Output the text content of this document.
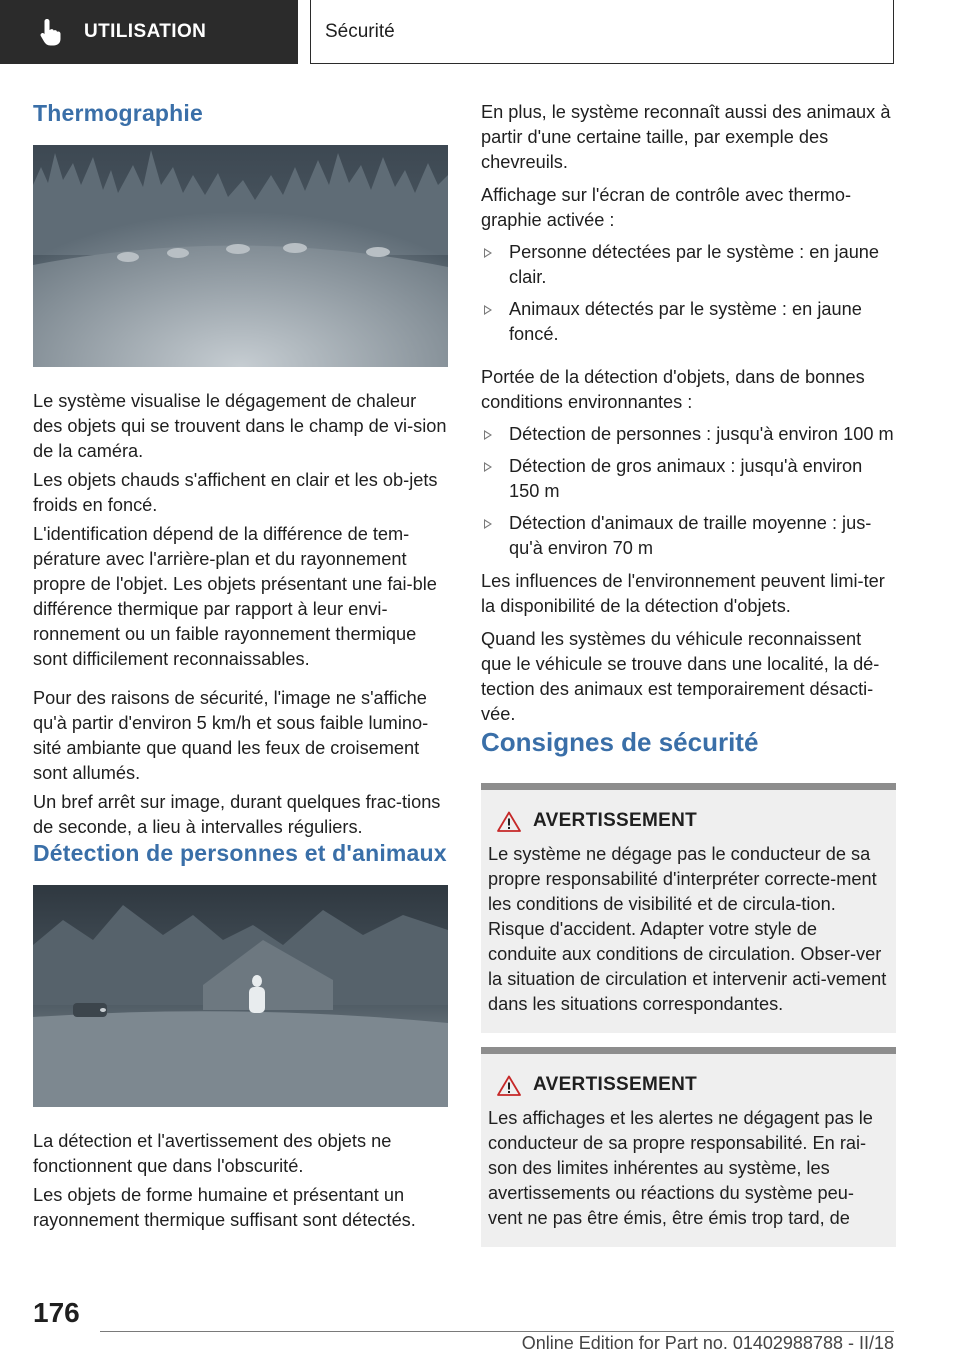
UTILISATION	Sécurité
Thermographie

Le système visualise le dégagement de chaleur des objets qui se trouvent dans le champ de vi-sion de la caméra.

Les objets chauds s'affichent en clair et les ob-jets froids en foncé.

L'identification dépend de la différence de tem-pérature avec l'arrière-plan et du rayonnement propre de l'objet. Les objets présentant une fai-ble différence thermique par rapport à leur envi-ronnement ou un faible rayonnement thermique sont difficilement reconnaissables.

Pour des raisons de sécurité, l'image ne s'affiche qu'à partir d'environ 5 km/h et sous faible lumino-sité ambiante que quand les feux de croisement sont allumés.

Un bref arrêt sur image, durant quelques frac-tions de seconde, a lieu à intervalles réguliers.

Détection de personnes et d'animaux

La détection et l'avertissement des objets ne fonctionnent que dans l'obscurité.

Les objets de forme humaine et présentant un rayonnement thermique suffisant sont détectés.

En plus, le système reconnaît aussi des animaux à partir d'une certaine taille, par exemple des chevreuils.

Affichage sur l'écran de contrôle avec thermo-graphie activée :

Personne détectées par le système : en jaune clair.
Animaux détectés par le système : en jaune foncé.

Portée de la détection d'objets, dans de bonnes conditions environnantes :

Détection de personnes : jusqu'à environ 100 m
Détection de gros animaux : jusqu'à environ 150 m
Détection d'animaux de traille moyenne : jus-qu'à environ 70 m

Les influences de l'environnement peuvent limi-ter la disponibilité de la détection d'objets.

Quand les systèmes du véhicule reconnaissent que le véhicule se trouve dans une localité, la dé-tection des animaux est temporairement désacti-vée.

Consignes de sécurité
AVERTISSEMENT

Le système ne dégage pas le conducteur de sa propre responsabilité d'interpréter correcte-ment les conditions de visibilité et de circula-tion. Risque d'accident. Adapter votre style de conduite aux conditions de circulation. Obser-ver la situation de circulation et intervenir acti-vement dans les situations correspondantes.

AVERTISSEMENT

Les affichages et les alertes ne dégagent pas le conducteur de sa propre responsabilité. En rai-son des limites inhérentes au système, les avertissements ou réactions du système peu-vent ne pas être émis, être émis trop tard, de

176
Online Edition for Part no. 01402988788 - II/18
